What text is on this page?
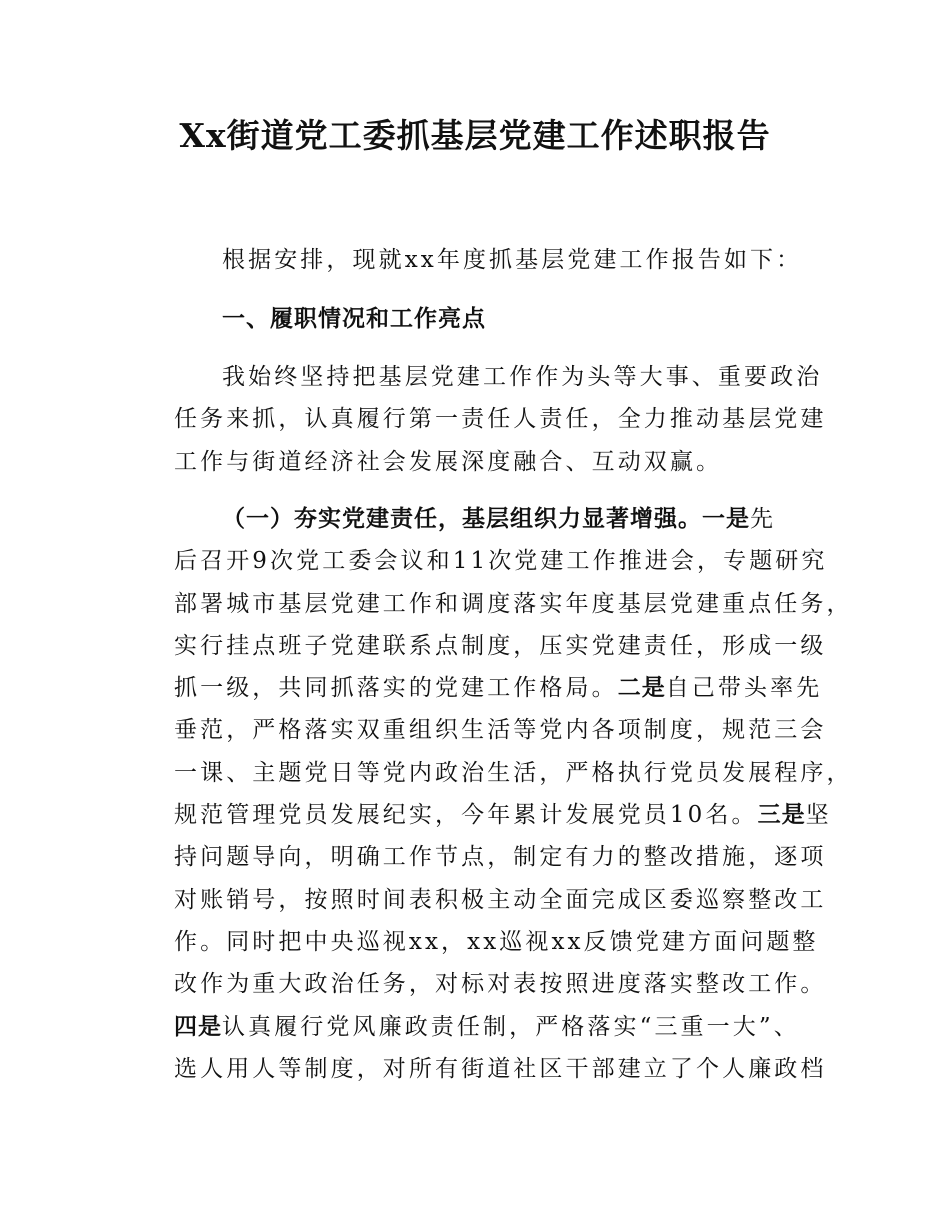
Xx街道党工委抓基层党建工作述职报告

根据安排，现就xx年度抓基层党建工作报告如下：

一、履职情况和工作亮点

我始终坚持把基层党建工作作为头等大事、重要政治
任务来抓，认真履行第一责任人责任，全力推动基层党建
工作与街道经济社会发展深度融合、互动双赢。
（一）夯实党建责任，基层组织力显著增强。一是先
后召开9次党工委会议和11次党建工作推进会，专题研究
部署城市基层党建工作和调度落实年度基层党建重点任务，
实行挂点班子党建联系点制度，压实党建责任，形成一级
抓一级，共同抓落实的党建工作格局。二是自己带头率先
垂范，严格落实双重组织生活等党内各项制度，规范三会
一课、主题党日等党内政治生活，严格执行党员发展程序，
规范管理党员发展纪实，今年累计发展党员10名。三是坚
持问题导向，明确工作节点，制定有力的整改措施，逐项
对账销号，按照时间表积极主动全面完成区委巡察整改工
作。同时把中央巡视xx，xx巡视xx反馈党建方面问题整
改作为重大政治任务，对标对表按照进度落实整改工作。
四是认真履行党风廉政责任制，严格落实“三重一大”、
选人用人等制度，对所有街道社区干部建立了个人廉政档
